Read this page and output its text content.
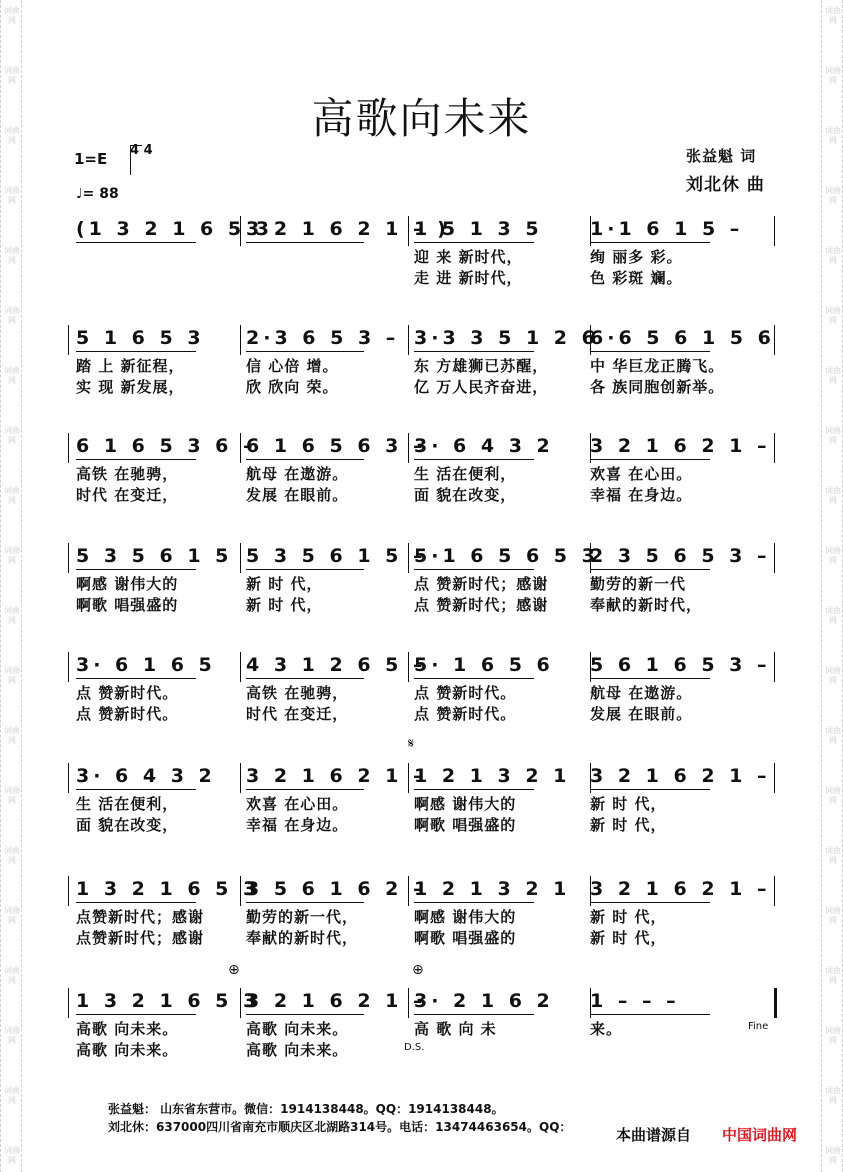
词曲网
词曲网
词曲网
词曲网
词曲网
词曲网
词曲网
词曲网
词曲网
词曲网
词曲网
词曲网
词曲网
词曲网
词曲网
词曲网
词曲网
词曲网
词曲网
词曲网
词曲网
词曲网
词曲网
词曲网
词曲网
词曲网
词曲网
词曲网
词曲网
词曲网
词曲网
词曲网
词曲网
词曲网
词曲网
词曲网
词曲网
词曲网
词曲网
词曲网
高歌向未来
1=E 4 4
♩= 88
张益魁 词
刘北休 曲
(1 3 2 1 6 5 3
3 2 1 6 2 1 – )
1 5 1 3 5
迎 来 新时代，
走 进 新时代，
1·1 6 1 5 –
绚 丽多 彩。
色 彩斑 斓。
5 1 6 5 3
踏 上 新征程，
实 现 新发展，
2·3 6 5 3 –
信 心倍 增。
欣 欣向 荣。
3·3 3 5 1 2 6
东 方雄狮已苏醒，
亿 万人民齐奋进，
6·6 5 6 1 5 6
中 华巨龙正腾飞。
各 族同胞创新举。
6 1 6 5 3 6 –
高铁 在驰骋，
时代 在变迁，
6 1 6 5 6 3 –
航母 在遨游。
发展 在眼前。
3· 6 4 3 2
生 活在便利，
面 貌在改变，
3 2 1 6 2 1 –
欢喜 在心田。
幸福 在身边。
5 3 5 6 1 5
啊感 谢伟大的
啊歌 唱强盛的
5 3 5 6 1 5 –
新 时 代，
新 时 代，
5·1 6 5 6 5 3
点 赞新时代；感谢
点 赞新时代；感谢
2 3 5 6 5 3 –
勤劳的新一代
奉献的新时代，
3· 6 1 6 5
点 赞新时代。
点 赞新时代。
4 3 1 2 6 5 –
高铁 在驰骋，
时代 在变迁，
5· 1 6 5 6
点 赞新时代。
点 赞新时代。
5 6 1 6 5 3 –
航母 在遨游。
发展 在眼前。
3· 6 4 3 2
生 活在便利，
面 貌在改变，
3 2 1 6 2 1 –
欢喜 在心田。
幸福 在身边。
1 2 1 3 2 1
啊感 谢伟大的
啊歌 唱强盛的
3 2 1 6 2 1 –
新 时 代，
新 时 代，
1 3 2 1 6 5 3
点赞新时代；感谢
点赞新时代；感谢
3 5 6 1 6 2 –
勤劳的新一代，
奉献的新时代，
1 2 1 3 2 1
啊感 谢伟大的
啊歌 唱强盛的
3 2 1 6 2 1 –
新 时 代，
新 时 代，
1 3 2 1 6 5 3
高歌 向未来。
高歌 向未来。
3 2 1 6 2 1 –
高歌 向未来。
高歌 向未来。
3· 2 1 6 2
高 歌 向 未
1 – – –
来。
张益魁： 山东省东营市。微信：1914138448。QQ：1914138448。
刘北休：637000四川省南充市顺庆区北湖路314号。电话：13474463654。QQ：	本曲谱源自 中国词曲网
𝄋
⊕	⊕
D.S.
Fine
